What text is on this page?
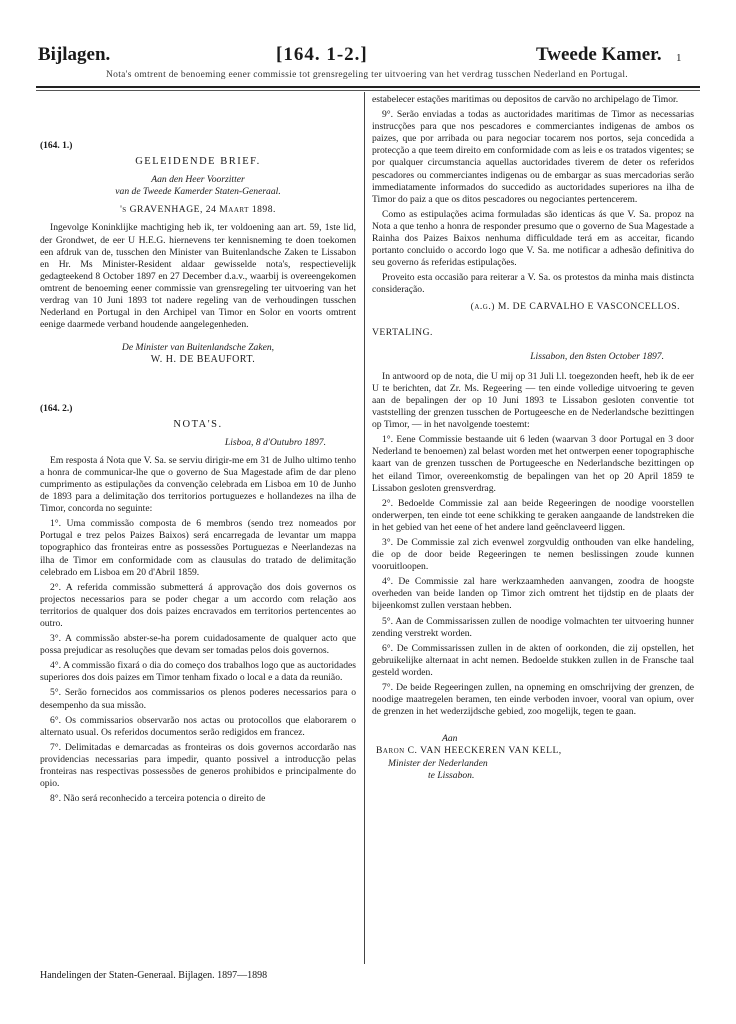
Bijlagen.	[164. 1-2.]	Tweede Kamer. 1
Nota's omtrent de benoeming eener commissie tot grensregeling ter uitvoering van het verdrag tusschen Nederland en Portugal.

(164. 1.)

GELEIDENDE BRIEF.

Aan den Heer Voorzitter

van de Tweede Kamerder Staten-Generaal.

's GRAVENHAGE, 24 Maart 1898.

Ingevolge Koninklijke machtiging heb ik, ter voldoening aan art. 59, 1ste lid, der Grondwet, de eer U H.E.G. hiernevens ter kennisneming te doen toekomen een afdruk van de, tusschen den Minister van Buitenlandsche Zaken te Lissabon en Hr. Ms Minister-Resident aldaar gewisselde nota's, respectievelijk gedagteekend 8 October 1897 en 27 December d.a.v., waarbij is overeengekomen omtrent de benoeming eener commissie van grensregeling ter uitvoering van het verdrag van 10 Juni 1893 tot nadere regeling van de verhoudingen tusschen Nederland en Portugal in den Archipel van Timor en Solor en voorts omtrent eenige daarmede verband houdende aangelegenheden.

De Minister van Buitenlandsche Zaken,

W. H. DE BEAUFORT.

(164. 2.)

NOTA'S.

Lisboa, 8 d'Outubro 1897.

Em resposta á Nota que V. Sa. se serviu dirigir-me em 31 de Julho ultimo tenho a honra de communicar-lhe que o governo de Sua Magestade afim de dar pleno cumprimento as estipulações da convenção celebrada em Lisboa em 10 de Junho de 1893 para a delimitação dos territorios portuguezes e hollandezes na ilha de Timor, concorda no seguinte:

1°. Uma commissão composta de 6 membros (sendo trez nomeados por Portugal e trez pelos Paizes Baixos) será encarregada de levantar um mappa topographico das fronteiras entre as possessões Portuguezas e Neerlandezas na ilha de Timor em conformidade com as clausulas do tratado de delimitação celebrado em Lisboa em 20 d'Abril 1859.

2°. A referida commissão submetterá á approvação dos dois governos os projectos necessarios para se poder chegar a um accordo com relação aos territorios de qualquer dos dois paizes encravados em territorios pertencentes ao outro.

3°. A commissão abster-se-ha porem cuidadosamente de qualquer acto que possa prejudicar as resoluções que devam ser tomadas pelos dois governos.

4°. A commissão fixará o dia do começo dos trabalhos logo que as auctoridades superiores dos dois paizes em Timor tenham fixado o local e a data da reunião.

5°. Serão fornecidos aos commissarios os plenos poderes necessarios para o desempenho da sua missão.

6°. Os commissarios observarão nos actas ou protocollos que elaborarem o alternato usual. Os referidos documentos serão redigidos em francez.

7°. Delimitadas e demarcadas as fronteiras os dois governos accordarão nas providencias necessarias para impedir, quanto possivel a introducção pelas fronteiras nas respectivas possessões de generos prohibidos e principalmente do opio.

8°. Não será reconhecido a terceira potencia o direito de

estabelecer estações maritimas ou depositos de carvão no archipelago de Timor.

9°. Serão enviadas a todas as auctoridades maritimas de Timor as necessarias instrucções para que nos pescadores e commerciantes indigenas de ambos os paizes, que por arribada ou para negociar tocarem nos portos, seja concedida a protecção a que teem direito em conformidade com as leis e os tratados vigentes; se por qualquer circumstancia aquellas auctoridades tiverem de deter os referidos pescadores ou commerciantes indigenas ou de embargar as suas mercadorias serão immediatamente informados do succedido as auctoridades superiores na ilha de Timor do paiz a que os ditos pescadores ou negociantes pertencerem.

Como as estipulações acima formuladas são identicas ás que V. Sa. propoz na Nota a que tenho a honra de responder presumo que o governo de Sua Magestade a Rainha dos Paizes Baixos nenhuma difficuldade terá em as acceitar, ficando portanto concluido o accordo logo que V. Sa. me notificar a adhesão definitiva do seu governo ás referidas estipulações.

Proveito esta occasião para reiterar a V. Sa. os protestos da minha mais distincta consideração.

(a.g.) M. DE CARVALHO E VASCONCELLOS.

VERTALING.

Lissabon, den 8sten October 1897.

In antwoord op de nota, die U mij op 31 Juli l.l. toegezonden heeft, heb ik de eer U te berichten, dat Zr. Ms. Regeering — ten einde volledige uitvoering te geven aan de bepalingen der op 10 Juni 1893 te Lissabon gesloten conventie tot vaststelling der grenzen tusschen de Portugeesche en de Nederlandsche bezittingen op Timor, — in het navolgende toestemt:

1°. Eene Commissie bestaande uit 6 leden (waarvan 3 door Portugal en 3 door Nederland te benoemen) zal belast worden met het ontwerpen eener topographische kaart van de grenzen tusschen de Portugeesche en Nederlandsche bezittingen op het eiland Timor, overeenkomstig de bepalingen van het op 20 April 1859 te Lissabon gesloten grensverdrag.

2°. Bedoelde Commissie zal aan beide Regeeringen de noodige voorstellen onderwerpen, ten einde tot eene schikking te geraken aangaande de landstreken die in het gebied van het eene of het andere land geënclaveerd liggen.

3°. De Commissie zal zich evenwel zorgvuldig onthouden van elke handeling, die op de door beide Regeeringen te nemen beslissingen zoude kunnen vooruitloopen.

4°. De Commissie zal hare werkzaamheden aanvangen, zoodra de hoogste overheden van beide landen op Timor zich omtrent het tijdstip en de plaats der bijeenkomst zullen verstaan hebben.

5°. Aan de Commissarissen zullen de noodige volmachten ter uitvoering hunner zending verstrekt worden.

6°. De Commissarissen zullen in de akten of oorkonden, die zij opstellen, het gebruikelijke alternaat in acht nemen. Bedoelde stukken zullen in de Fransche taal gesteld worden.

7°. De beide Regeeringen zullen, na opneming en omschrijving der grenzen, de noodige maatregelen beramen, ten einde verboden invoer, vooral van opium, over de grenzen in het wederzijdsche gebied, zoo mogelijk, tegen te gaan.

Aan

Baron C. VAN HEECKEREN VAN KELL,

Minister der Nederlanden

te Lissabon.

Handelingen der Staten-Generaal. Bijlagen. 1897—1898
